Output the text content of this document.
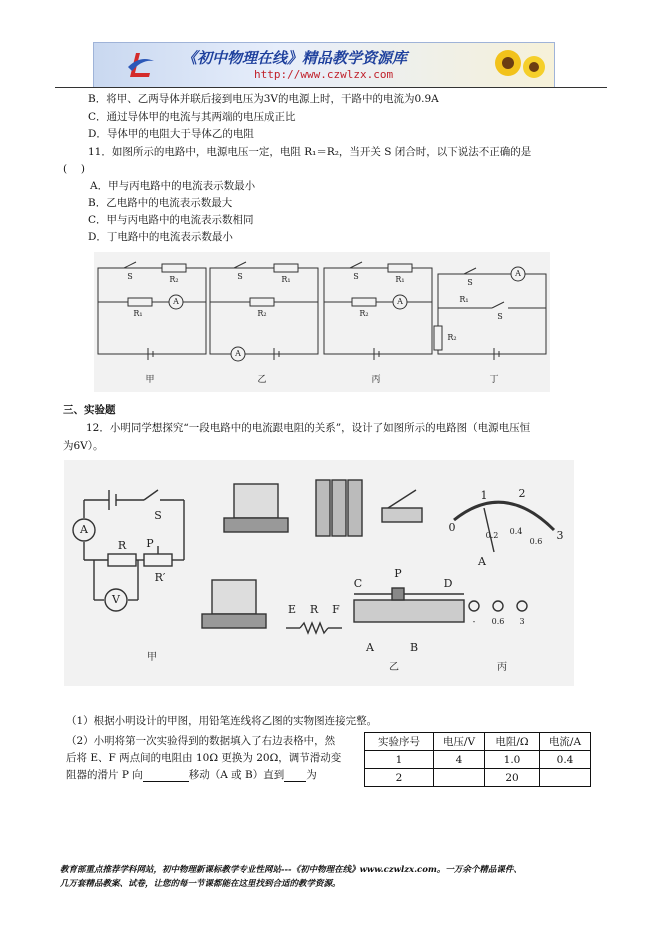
《初中物理在线》精品教学资源库
http://www.czwlzx.com
B．将甲、乙两导体并联后接到电压为3V的电源上时，干路中的电流为0.9A
C．通过导体甲的电流与其两端的电压成正比
D．导体甲的电阻大于导体乙的电阻
11．如图所示的电路中，电源电压一定，电阻 R₁＝R₂，当开关 S 闭合时，以下说法不正确的是
(　 )
A．甲与丙电路中的电流表示数最小
B．乙电路中的电流表示数最大
C．甲与丙电路中的电流表示数相同
D．丁电路中的电流表示数最小
S	R₂
R₁
A
S	R₁
R₂
A
S	R₁
R₂
A
S
A
R₁
S
R₂
甲	乙	丙	丁
三、实验题
12．小明同学想探究“一段电路中的电流跟电阻的关系”，设计了如图所示的电路图（电源电压恒
为6V）。
A
S
R P
R′
V
E R F
C
P
D
A	B
0
1	2
3
A
0.2 0.4
0.6
- 0.6 3
甲
乙	丙
（1）根据小明设计的甲图，用铅笔连线将乙图的实物图连接完整。
（2）小明将第一次实验得到的数据填入了右边表格中，然
后将 E、F 两点间的电阻由 10Ω 更换为 20Ω，调节滑动变
阻器的滑片 P 向	移动（A 或 B）直到 为
实验序号	电压/V	电阻/Ω	电流/A
1	4	1.0	0.4
2		20	
教育部重点推荐学科网站，初中物理新课标教学专业性网站---《初中物理在线》www.czwlzx.com。一万余个精品课件、
几万套精品教案、试卷，让您的每一节课都能在这里找到合适的教学资源。
